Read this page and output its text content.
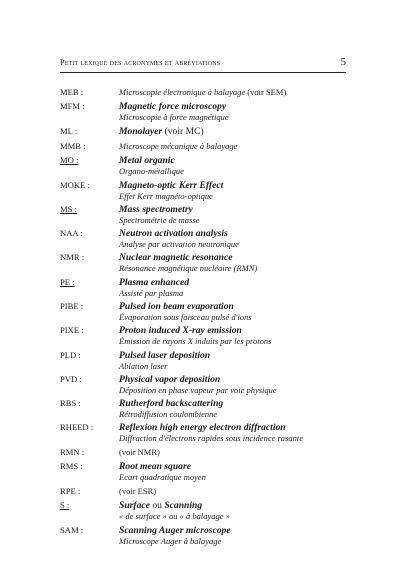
Petit lexique des acronymes et abréviations	5
MEB :	Microscopie électronique à balayage (voir SEM)
MFM :	Magnetic force microscopy
Microscopie à force magnétique
ML :	Monolayer (voir MC)
MMB :	Microscope mécanique à balayage
MO :	Metal organic
Organo-métallique
MOKE :	Magneto-optic Kerr Effect
Effet Kerr magnéto-optique
MS :	Mass spectrometry
Spectrométrie de masse
NAA :	Neutron activation analysis
Analyse par activation neutronique
NMR :	Nuclear magnetic resonance
Résonance magnétique nucléaire (RMN)
PE :	Plasma enhanced
Assisté par plasma
PIBE :	Pulsed ion beam evaporation
Évaporation sous faisceau pulsé d'ions
PIXE :	Proton induced X-ray emission
Émission de rayons X induits par les protons
PLD :	Pulsed laser deposition
Ablation laser
PVD :	Physical vapor deposition
Déposition en phase vapeur par voie physique
RBS :	Rutherford backscattering
Rétrodiffusion coulombienne
RHEED :	Reflexion high energy electron diffraction
Diffraction d'électrons rapides sous incidence rasante
RMN :	(voir NMR)
RMS :	Root mean square
Ecart quadratique moyen
RPE :	(voir ESR)
S :	Surface ou Scanning
« de surface » ou « à balayage »
SAM :	Scanning Auger microscope
Microscope Auger à balayage
